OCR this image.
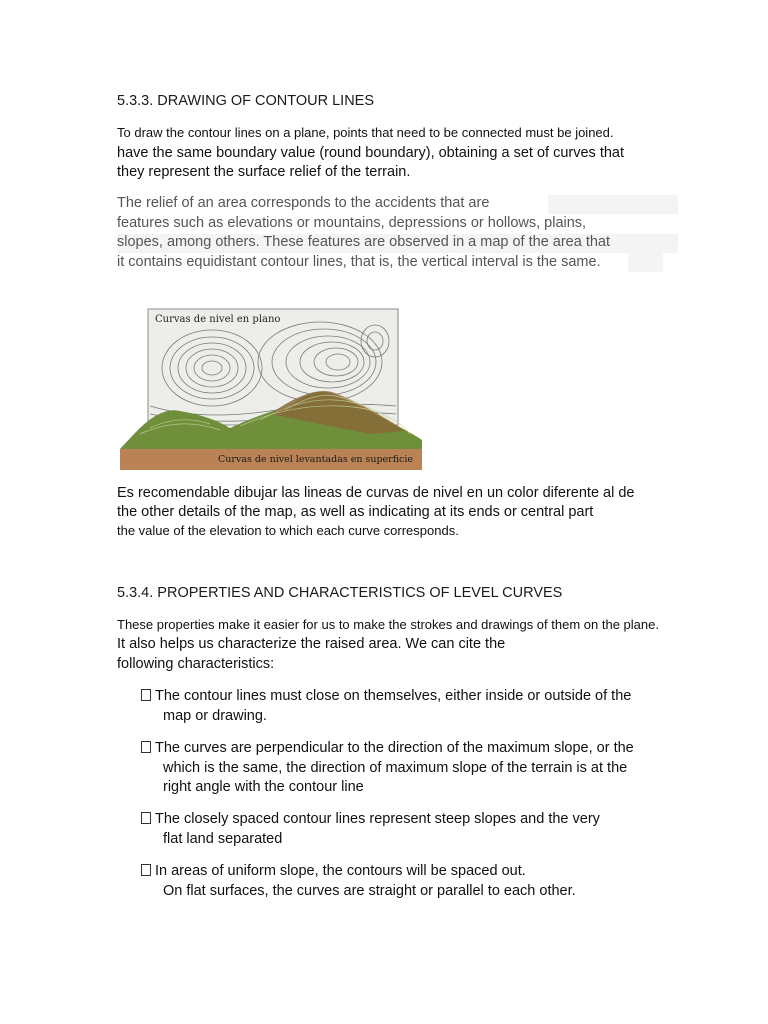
5.3.3. DRAWING OF CONTOUR LINES
To draw the contour lines on a plane, points that need to be connected must be joined.
have the same boundary value (round boundary), obtaining a set of curves that
they represent the surface relief of the terrain.
The relief of an area corresponds to the accidents that are
features such as elevations or mountains, depressions or hollows, plains,
slopes, among others. These features are observed in a map of the area that
it contains equidistant contour lines, that is, the vertical interval is the same.
Curvas de nivel en plano
Curvas de nivel levantadas en superficie
Es recomendable dibujar las lineas de curvas de nivel en un color diferente al de
the other details of the map, as well as indicating at its ends or central part
the value of the elevation to which each curve corresponds.
5.3.4. PROPERTIES AND CHARACTERISTICS OF LEVEL CURVES
These properties make it easier for us to make the strokes and drawings of them on the plane.
It also helps us characterize the raised area. We can cite the
following characteristics:
The contour lines must close on themselves, either inside or outside of the
map or drawing.
The curves are perpendicular to the direction of the maximum slope, or the
which is the same, the direction of maximum slope of the terrain is at the
right angle with the contour line
The closely spaced contour lines represent steep slopes and the very
flat land separated
In areas of uniform slope, the contours will be spaced out.
On flat surfaces, the curves are straight or parallel to each other.
